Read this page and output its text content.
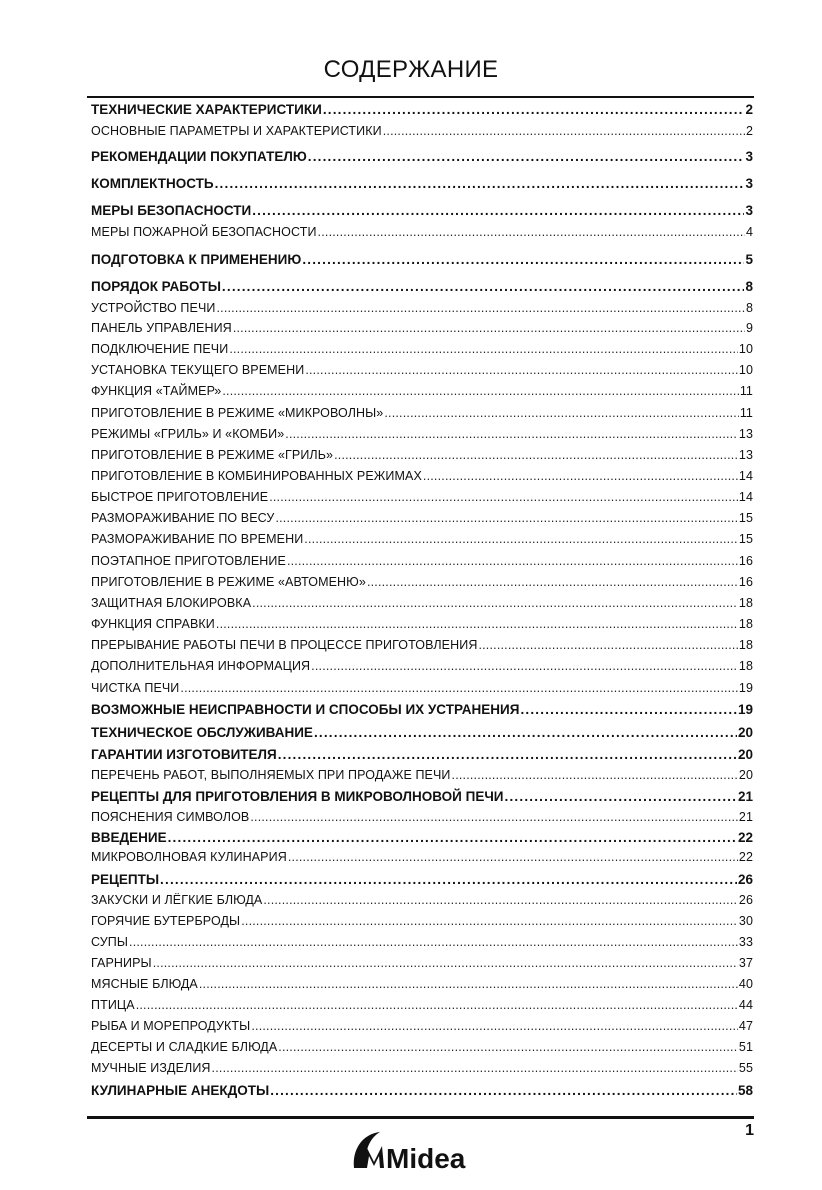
СОДЕРЖАНИЕ
ТЕХНИЧЕСКИЕ ХАРАКТЕРИСТИКИ .....	2
ОСНОВНЫЕ ПАРАМЕТРЫ И ХАРАКТЕРИСТИКИ .....	2
РЕКОМЕНДАЦИИ ПОКУПАТЕЛЮ .....	3
КОМПЛЕКТНОСТЬ .....	3
МЕРЫ БЕЗОПАСНОСТИ .....	3
МЕРЫ ПОЖАРНОЙ БЕЗОПАСНОСТИ .....	4
ПОДГОТОВКА К ПРИМЕНЕНИЮ .....	5
ПОРЯДОК РАБОТЫ .....	8
УСТРОЙСТВО ПЕЧИ .....	8
ПАНЕЛЬ УПРАВЛЕНИЯ .....	9
ПОДКЛЮЧЕНИЕ ПЕЧИ .....	10
УСТАНОВКА ТЕКУЩЕГО ВРЕМЕНИ .....	10
ФУНКЦИЯ «ТАЙМЕР» .....	11
ПРИГОТОВЛЕНИЕ В РЕЖИМЕ «МИКРОВОЛНЫ» .....	11
РЕЖИМЫ «ГРИЛЬ» И «КОМБИ» .....	13
ПРИГОТОВЛЕНИЕ В РЕЖИМЕ «ГРИЛЬ» .....	13
ПРИГОТОВЛЕНИЕ В КОМБИНИРОВАННЫХ РЕЖИМАХ .....	14
БЫСТРОЕ ПРИГОТОВЛЕНИЕ .....	14
РАЗМОРАЖИВАНИЕ ПО ВЕСУ .....	15
РАЗМОРАЖИВАНИЕ ПО ВРЕМЕНИ .....	15
ПОЭТАПНОЕ ПРИГОТОВЛЕНИЕ .....	16
ПРИГОТОВЛЕНИЕ В РЕЖИМЕ «АВТОМЕНЮ» .....	16
ЗАЩИТНАЯ БЛОКИРОВКА .....	18
ФУНКЦИЯ СПРАВКИ .....	18
ПРЕРЫВАНИЕ РАБОТЫ ПЕЧИ В ПРОЦЕССЕ ПРИГОТОВЛЕНИЯ .....	18
ДОПОЛНИТЕЛЬНАЯ ИНФОРМАЦИЯ .....	18
ЧИСТКА ПЕЧИ .....	19
ВОЗМОЖНЫЕ НЕИСПРАВНОСТИ И СПОСОБЫ ИХ УСТРАНЕНИЯ .....	19
ТЕХНИЧЕСКОЕ ОБСЛУЖИВАНИЕ .....	20
ГАРАНТИИ ИЗГОТОВИТЕЛЯ .....	20
ПЕРЕЧЕНЬ РАБОТ, ВЫПОЛНЯЕМЫХ ПРИ ПРОДАЖЕ ПЕЧИ .....	20
РЕЦЕПТЫ ДЛЯ ПРИГОТОВЛЕНИЯ В МИКРОВОЛНОВОЙ ПЕЧИ .....	21
ПОЯСНЕНИЯ СИМВОЛОВ .....	21
ВВЕДЕНИЕ .....	22
МИКРОВОЛНОВАЯ КУЛИНАРИЯ .....	22
РЕЦЕПТЫ .....	26
ЗАКУСКИ И ЛЁГКИЕ БЛЮДА .....	26
ГОРЯЧИЕ БУТЕРБРОДЫ .....	30
СУПЫ .....	33
ГАРНИРЫ .....	37
МЯСНЫЕ БЛЮДА .....	40
ПТИЦА .....	44
РЫБА И МОРЕПРОДУКТЫ .....	47
ДЕСЕРТЫ И СЛАДКИЕ БЛЮДА .....	51
МУЧНЫЕ ИЗДЕЛИЯ .....	55
КУЛИНАРНЫЕ АНЕКДОТЫ .....	58
1
Midea
